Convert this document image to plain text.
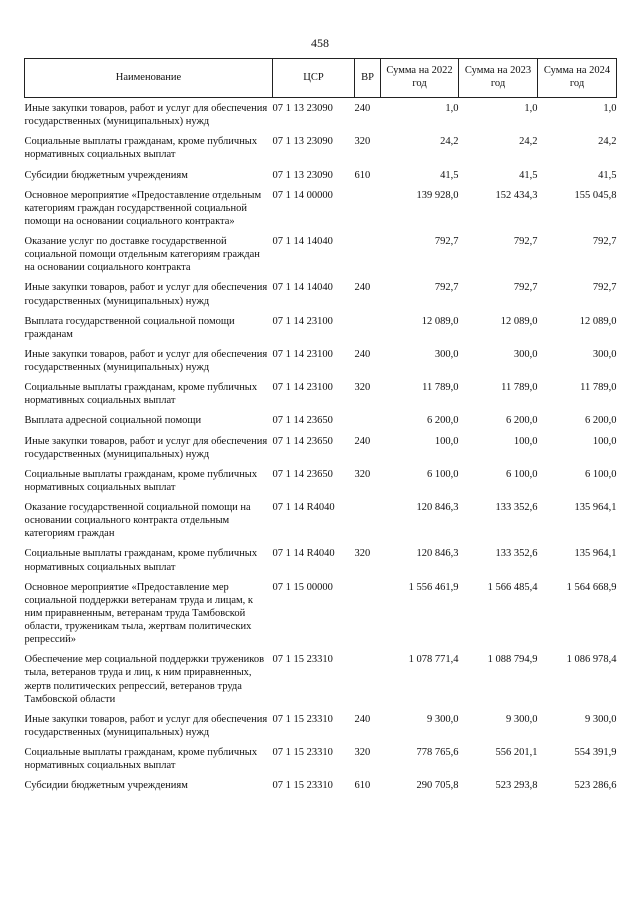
458
Наименование	ЦСР	ВР	Сумма на 2022 год	Сумма на 2023 год	Сумма на 2024 год
Иные закупки товаров, работ и услуг для обеспечения государственных (муниципальных) нужд	07 1 13 23090	240	1,0	1,0	1,0
Социальные выплаты гражданам, кроме публичных нормативных социальных выплат	07 1 13 23090	320	24,2	24,2	24,2
Субсидии бюджетным учреждениям	07 1 13 23090	610	41,5	41,5	41,5
Основное мероприятие «Предоставление отдельным категориям граждан государственной социальной помощи на основании социального контракта»	07 1 14 00000		139 928,0	152 434,3	155 045,8
Оказание услуг по доставке государственной социальной помощи отдельным категориям граждан на основании социального контракта	07 1 14 14040		792,7	792,7	792,7
Иные закупки товаров, работ и услуг для обеспечения государственных (муниципальных) нужд	07 1 14 14040	240	792,7	792,7	792,7
Выплата государственной социальной помощи гражданам	07 1 14 23100		12 089,0	12 089,0	12 089,0
Иные закупки товаров, работ и услуг для обеспечения государственных (муниципальных) нужд	07 1 14 23100	240	300,0	300,0	300,0
Социальные выплаты гражданам, кроме публичных нормативных социальных выплат	07 1 14 23100	320	11 789,0	11 789,0	11 789,0
Выплата адресной социальной помощи	07 1 14 23650		6 200,0	6 200,0	6 200,0
Иные закупки товаров, работ и услуг для обеспечения государственных (муниципальных) нужд	07 1 14 23650	240	100,0	100,0	100,0
Социальные выплаты гражданам, кроме публичных нормативных социальных выплат	07 1 14 23650	320	6 100,0	6 100,0	6 100,0
Оказание государственной социальной помощи на основании социального контракта отдельным категориям граждан	07 1 14 R4040		120 846,3	133 352,6	135 964,1
Социальные выплаты гражданам, кроме публичных нормативных социальных выплат	07 1 14 R4040	320	120 846,3	133 352,6	135 964,1
Основное мероприятие «Предоставление мер социальной поддержки ветеранам труда и лицам, к ним приравненным, ветеранам труда Тамбовской области, труженикам тыла, жертвам политических репрессий»	07 1 15 00000		1 556 461,9	1 566 485,4	1 564 668,9
Обеспечение мер социальной поддержки тружеников тыла, ветеранов труда и лиц, к ним приравненных, жертв политических репрессий, ветеранов труда Тамбовской области	07 1 15 23310		1 078 771,4	1 088 794,9	1 086 978,4
Иные закупки товаров, работ и услуг для обеспечения государственных (муниципальных) нужд	07 1 15 23310	240	9 300,0	9 300,0	9 300,0
Социальные выплаты гражданам, кроме публичных нормативных социальных выплат	07 1 15 23310	320	778 765,6	556 201,1	554 391,9
Субсидии бюджетным учреждениям	07 1 15 23310	610	290 705,8	523 293,8	523 286,6
